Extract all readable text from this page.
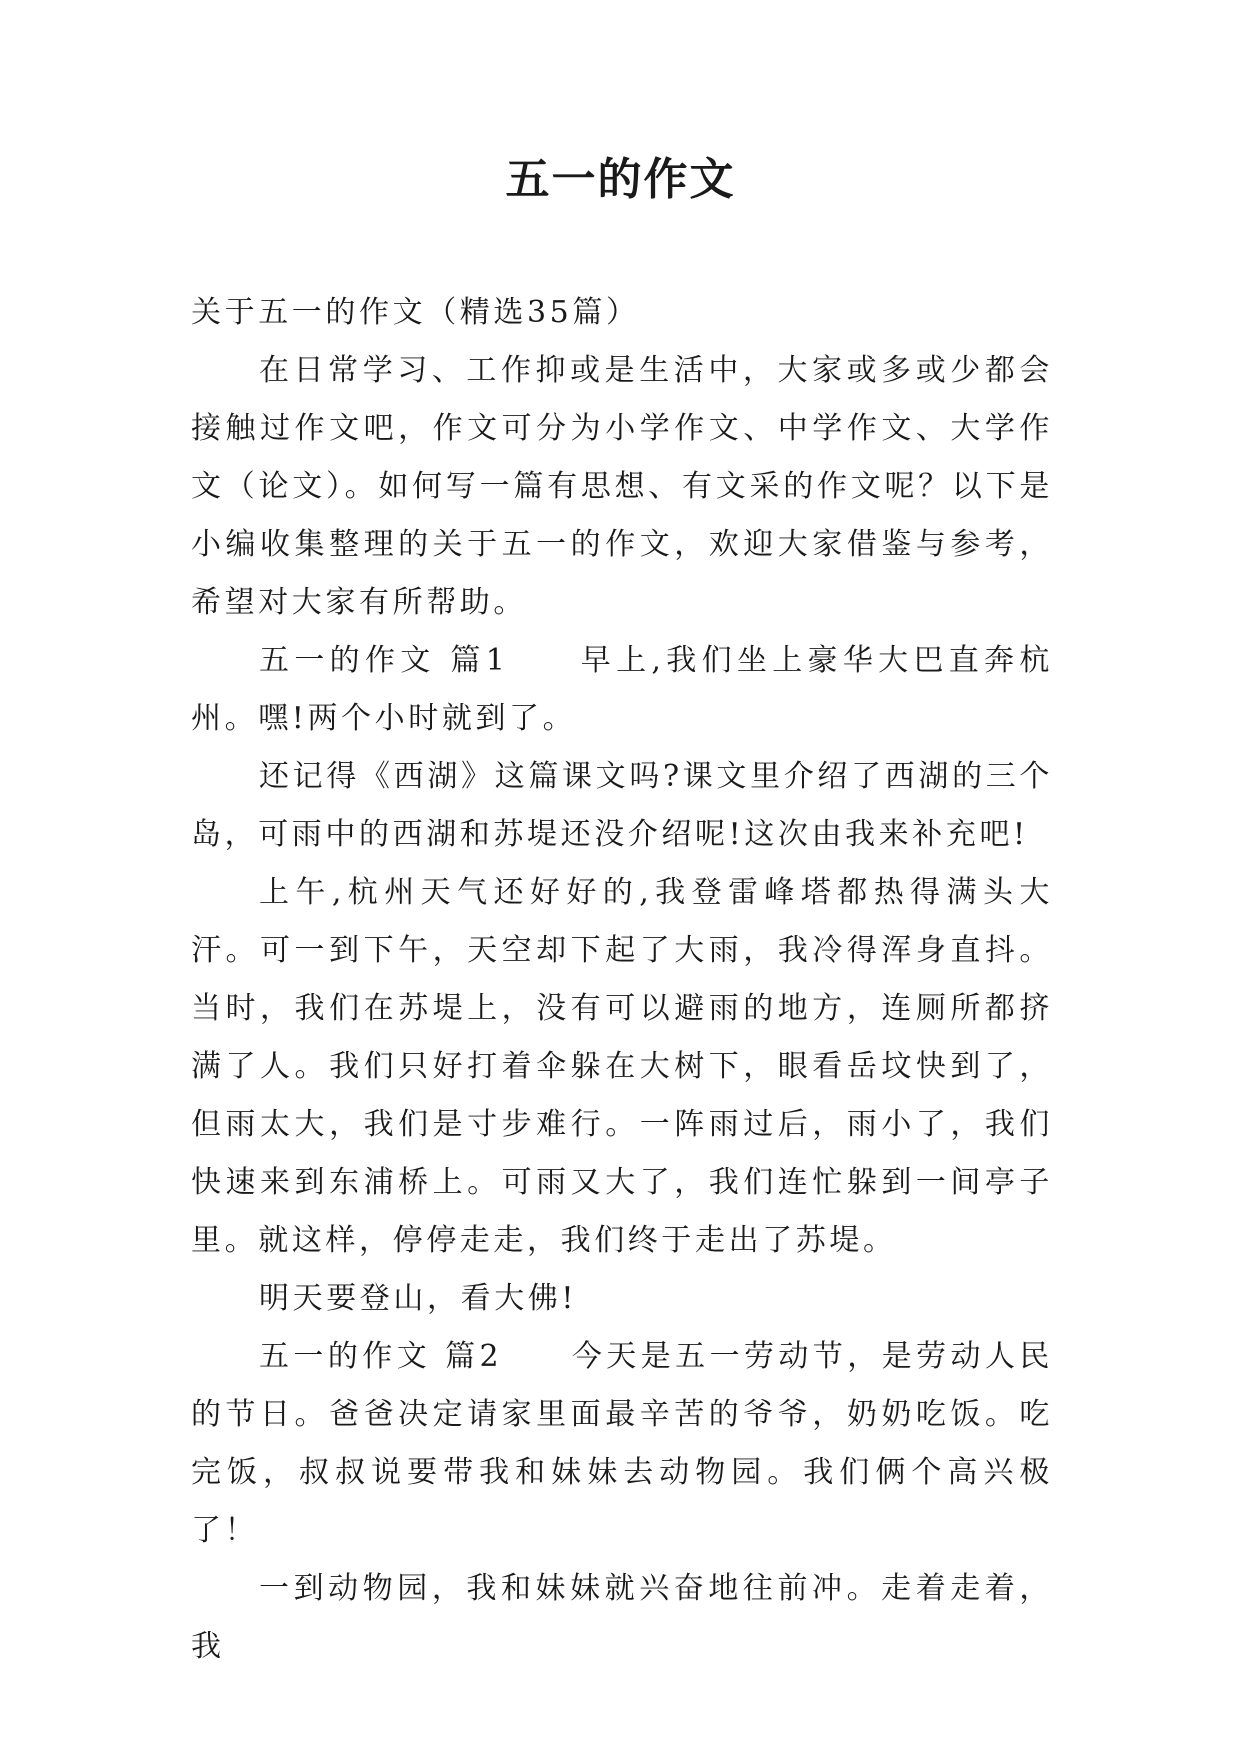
五一的作文

关于五一的作文（精选35篇）

在日常学习、工作抑或是生活中，大家或多或少都会接触过作文吧，作文可分为小学作文、中学作文、大学作文（论文）。如何写一篇有思想、有文采的作文呢？以下是小编收集整理的关于五一的作文，欢迎大家借鉴与参考，希望对大家有所帮助。

五一的作文 篇1　　早上,我们坐上豪华大巴直奔杭州。嘿!两个小时就到了。

还记得《西湖》这篇课文吗?课文里介绍了西湖的三个岛，可雨中的西湖和苏堤还没介绍呢!这次由我来补充吧!

上午,杭州天气还好好的,我登雷峰塔都热得满头大汗。可一到下午，天空却下起了大雨，我冷得浑身直抖。当时，我们在苏堤上，没有可以避雨的地方，连厕所都挤满了人。我们只好打着伞躲在大树下，眼看岳坟快到了，但雨太大，我们是寸步难行。一阵雨过后，雨小了，我们快速来到东浦桥上。可雨又大了，我们连忙躲到一间亭子里。就这样，停停走走，我们终于走出了苏堤。

明天要登山，看大佛!

五一的作文 篇2　　今天是五一劳动节，是劳动人民的节日。爸爸决定请家里面最辛苦的爷爷，奶奶吃饭。吃完饭，叔叔说要带我和妹妹去动物园。我们俩个高兴极了！

一到动物园，我和妹妹就兴奋地往前冲。走着走着，我
